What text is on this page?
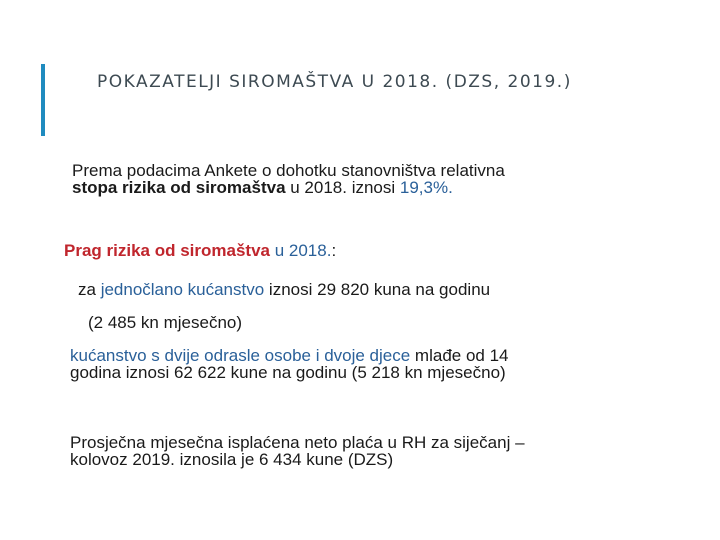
POKAZATELJI SIROMAŠTVA U 2018. (DZS, 2019.)
Prema podacima Ankete o dohotku stanovništva relativna
stopa rizika od siromaštva u 2018. iznosi 19,3%.
Prag rizika od siromaštva u 2018.:
za jednočlano kućanstvo iznosi 29 820 kuna na godinu
(2 485 kn mjesečno)
kućanstvo s dvije odrasle osobe i dvoje djece mlađe od 14
godina iznosi 62 622 kune na godinu (5 218 kn mjesečno)
Prosječna mjesečna isplaćena neto plaća u RH za siječanj –
kolovoz 2019. iznosila je 6 434 kune (DZS)
